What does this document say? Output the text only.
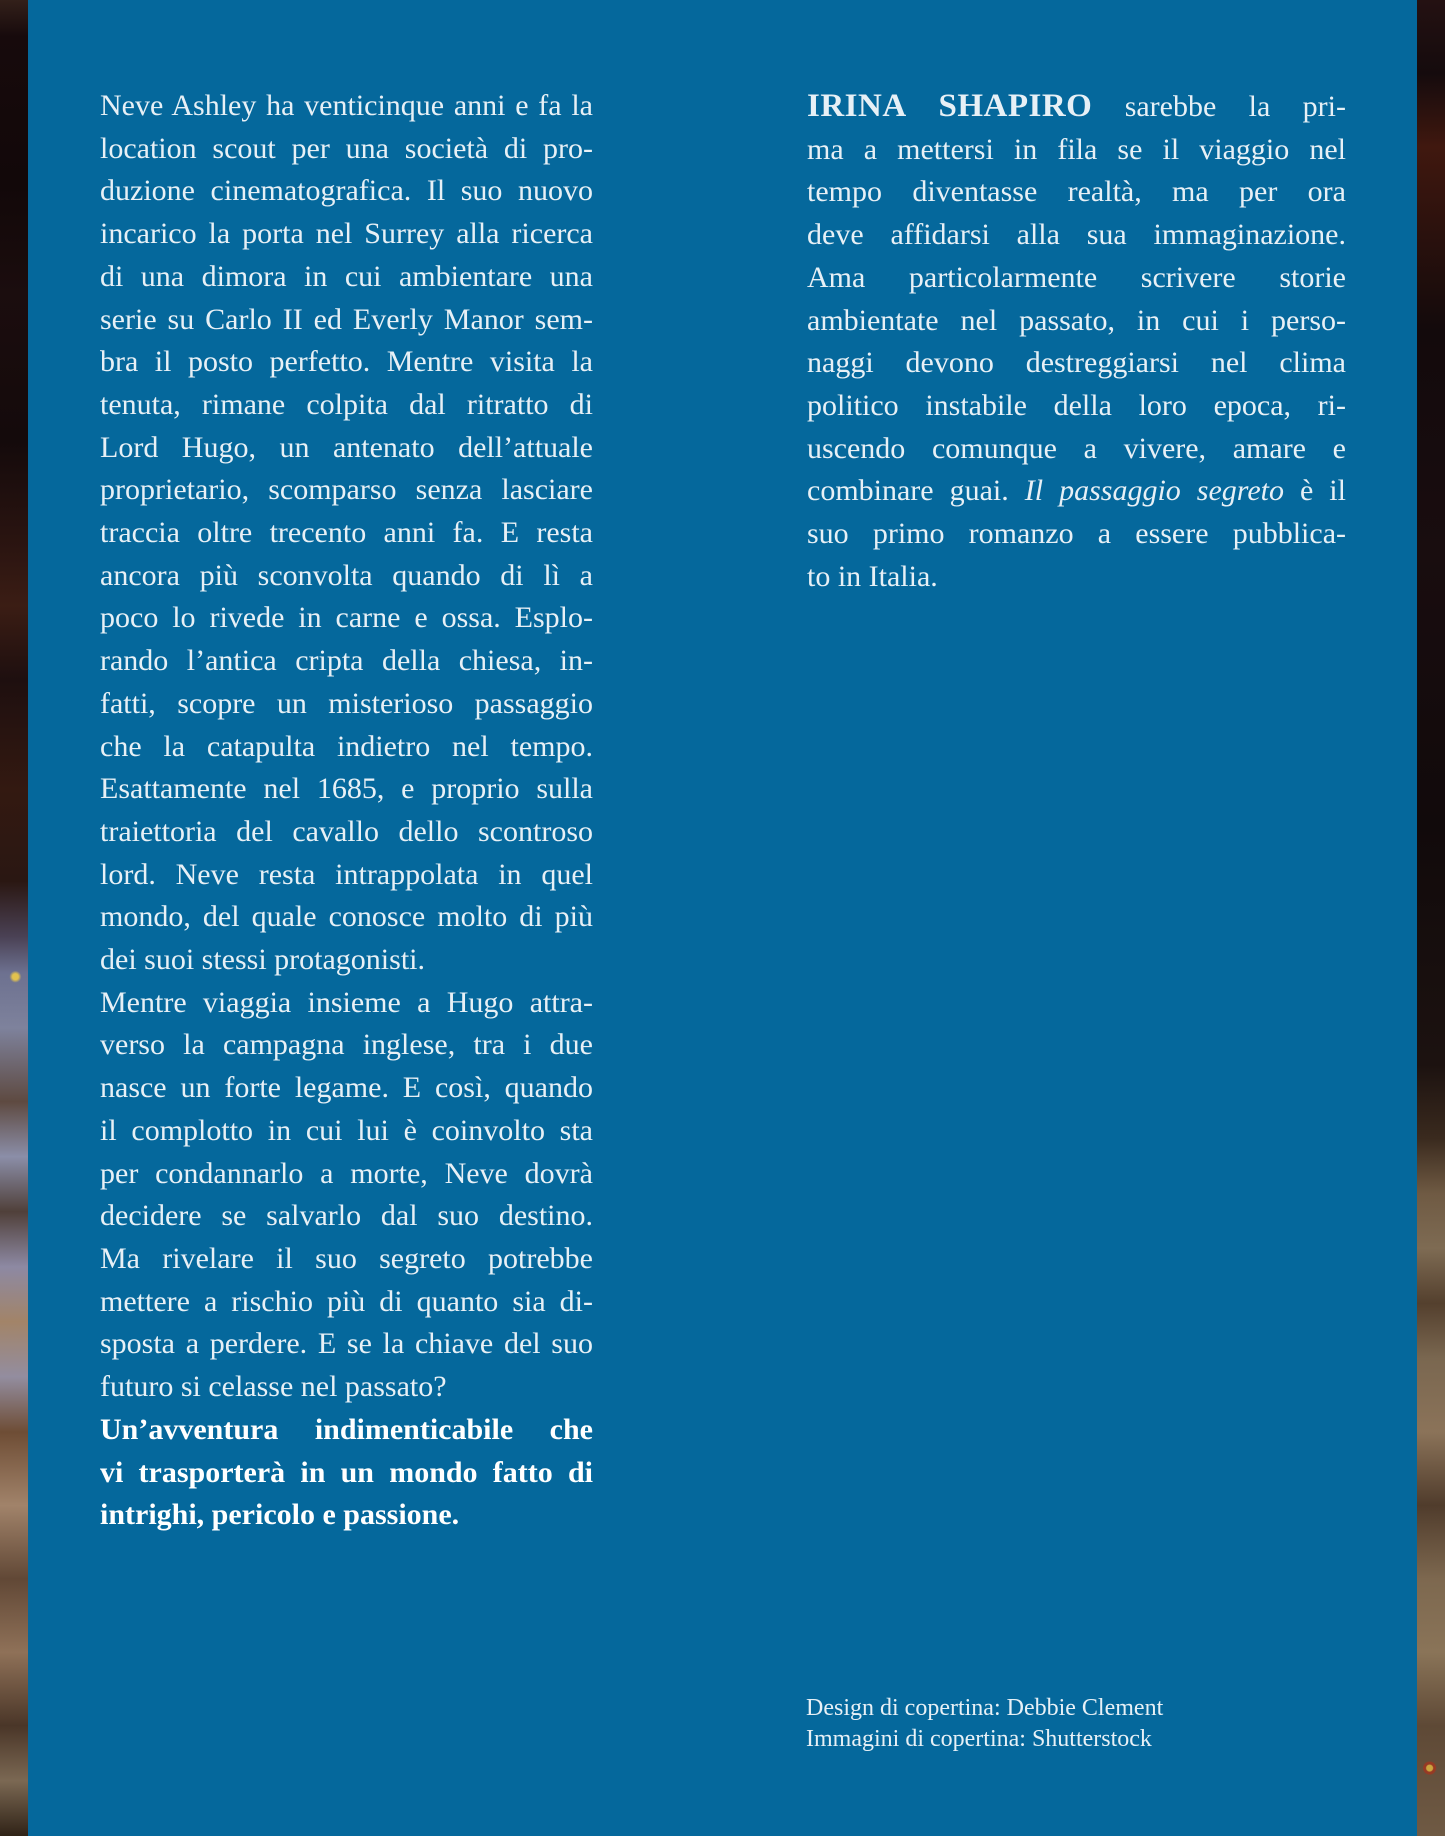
Neve Ashley ha venticinque anni e fa la
location scout per una società di pro-
duzione cinematografica. Il suo nuovo
incarico la porta nel Surrey alla ricerca
di una dimora in cui ambientare una
serie su Carlo II ed Everly Manor sem-
bra il posto perfetto. Mentre visita la
tenuta, rimane colpita dal ritratto di
Lord Hugo, un antenato dell’attuale
proprietario, scomparso senza lasciare
traccia oltre trecento anni fa. E resta
ancora più sconvolta quando di lì a
poco lo rivede in carne e ossa. Esplo-
rando l’antica cripta della chiesa, in-
fatti, scopre un misterioso passaggio
che la catapulta indietro nel tempo.
Esattamente nel 1685, e proprio sulla
traiettoria del cavallo dello scontroso
lord. Neve resta intrappolata in quel
mondo, del quale conosce molto di più
dei suoi stessi protagonisti.
Mentre viaggia insieme a Hugo attra-
verso la campagna inglese, tra i due
nasce un forte legame. E così, quando
il complotto in cui lui è coinvolto sta
per condannarlo a morte, Neve dovrà
decidere se salvarlo dal suo destino.
Ma rivelare il suo segreto potrebbe
mettere a rischio più di quanto sia di-
sposta a perdere. E se la chiave del suo
futuro si celasse nel passato?
Un’avventura indimenticabile che
vi trasporterà in un mondo fatto di
intrighi, pericolo e passione.
IRINA SHAPIRO sarebbe la pri-
ma a mettersi in fila se il viaggio nel
tempo diventasse realtà, ma per ora
deve affidarsi alla sua immaginazione.
Ama particolarmente scrivere storie
ambientate nel passato, in cui i perso-
naggi devono destreggiarsi nel clima
politico instabile della loro epoca, ri-
uscendo comunque a vivere, amare e
combinare guai. Il passaggio segreto è il
suo primo romanzo a essere pubblica-
to in Italia.
Design di copertina: Debbie Clement
Immagini di copertina: Shutterstock
